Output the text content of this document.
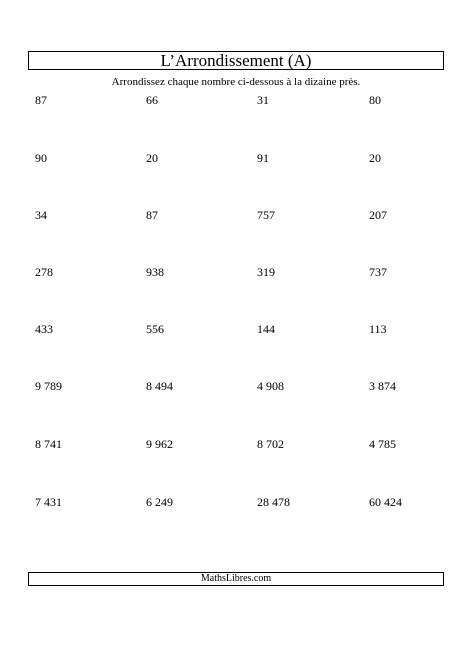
L’Arrondissement (A)
Arrondissez chaque nombre ci-dessous à la dizaine près.
87	66	31	80
90	20	91	20
34	87	757	207
278	938	319	737
433	556	144	113
9 789	8 494	4 908	3 874
8 741	9 962	8 702	4 785
7 431	6 249	28 478	60 424
MathsLibres.com
